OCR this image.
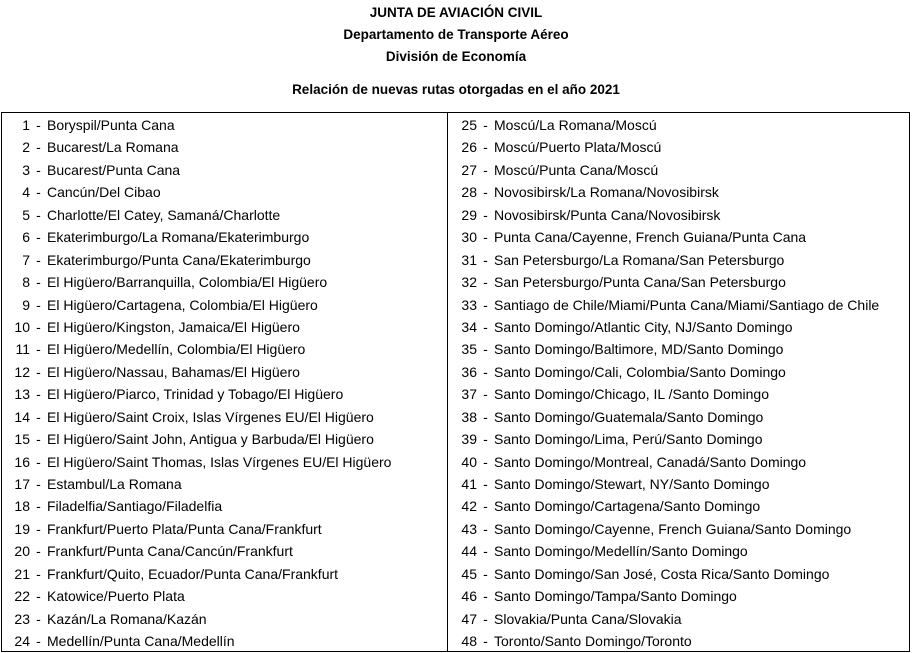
JUNTA DE AVIACIÓN CIVIL
Departamento de Transporte Aéreo
División de Economía
Relación de nuevas rutas otorgadas en el año 2021
1 - Boryspil/Punta Cana
2 - Bucarest/La Romana
3 - Bucarest/Punta Cana
4 - Cancún/Del Cibao
5 - Charlotte/El Catey, Samaná/Charlotte
6 - Ekaterimburgo/La Romana/Ekaterimburgo
7 - Ekaterimburgo/Punta Cana/Ekaterimburgo
8 - El Higüero/Barranquilla, Colombia/El Higüero
9 - El Higüero/Cartagena, Colombia/El Higüero
10 - El Higüero/Kingston, Jamaica/El Higüero
11 - El Higüero/Medellín, Colombia/El Higüero
12 - El Higüero/Nassau, Bahamas/El Higüero
13 - El Higüero/Piarco, Trinidad y Tobago/El Higüero
14 - El Higüero/Saint Croix, Islas Vírgenes EU/El Higüero
15 - El Higüero/Saint John, Antigua y Barbuda/El Higüero
16 - El Higüero/Saint Thomas, Islas Vírgenes EU/El Higüero
17 - Estambul/La Romana
18 - Filadelfia/Santiago/Filadelfia
19 - Frankfurt/Puerto Plata/Punta Cana/Frankfurt
20 - Frankfurt/Punta Cana/Cancún/Frankfurt
21 - Frankfurt/Quito, Ecuador/Punta Cana/Frankfurt
22 - Katowice/Puerto Plata
23 - Kazán/La Romana/Kazán
24 - Medellín/Punta Cana/Medellín
25 - Moscú/La Romana/Moscú
26 - Moscú/Puerto Plata/Moscú
27 - Moscú/Punta Cana/Moscú
28 - Novosibirsk/La Romana/Novosibirsk
29 - Novosibirsk/Punta Cana/Novosibirsk
30 - Punta Cana/Cayenne, French Guiana/Punta Cana
31 - San Petersburgo/La Romana/San Petersburgo
32 - San Petersburgo/Punta Cana/San Petersburgo
33 - Santiago de Chile/Miami/Punta Cana/Miami/Santiago de Chile
34 - Santo Domingo/Atlantic City, NJ/Santo Domingo
35 - Santo Domingo/Baltimore, MD/Santo Domingo
36 - Santo Domingo/Cali, Colombia/Santo Domingo
37 - Santo Domingo/Chicago, IL /Santo Domingo
38 - Santo Domingo/Guatemala/Santo Domingo
39 - Santo Domingo/Lima, Perú/Santo Domingo
40 - Santo Domingo/Montreal, Canadá/Santo Domingo
41 - Santo Domingo/Stewart, NY/Santo Domingo
42 - Santo Domingo/Cartagena/Santo Domingo
43 - Santo Domingo/Cayenne, French Guiana/Santo Domingo
44 - Santo Domingo/Medellín/Santo Domingo
45 - Santo Domingo/San José, Costa Rica/Santo Domingo
46 - Santo Domingo/Tampa/Santo Domingo
47 - Slovakia/Punta Cana/Slovakia
48 - Toronto/Santo Domingo/Toronto
